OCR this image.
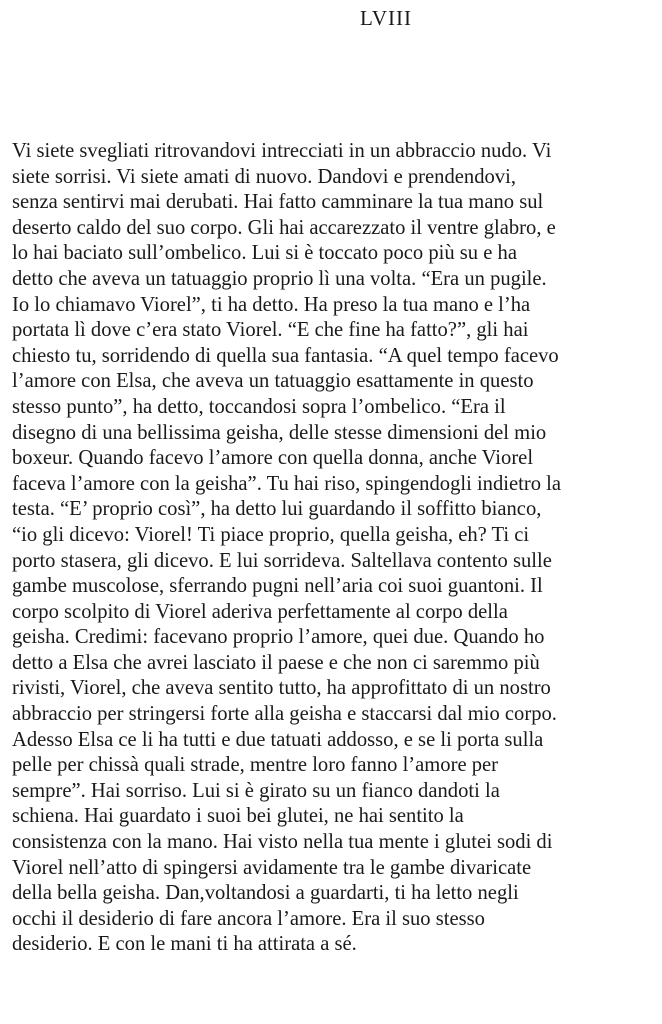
LVIII

Vi siete svegliati ritrovandovi intrecciati in un abbraccio nudo. Vi
siete sorrisi. Vi siete amati di nuovo. Dandovi e prendendovi,
senza sentirvi mai derubati. Hai fatto camminare la tua mano sul
deserto caldo del suo corpo. Gli hai accarezzato il ventre glabro, e
lo hai baciato sull’ombelico. Lui si è toccato poco più su e ha
detto che aveva un tatuaggio proprio lì una volta. “Era un pugile.
Io lo chiamavo Viorel”, ti ha detto. Ha preso la tua mano e l’ha
portata lì dove c’era stato Viorel. “E che fine ha fatto?”, gli hai
chiesto tu, sorridendo di quella sua fantasia. “A quel tempo facevo
l’amore con Elsa, che aveva un tatuaggio esattamente in questo
stesso punto”, ha detto, toccandosi sopra l’ombelico. “Era il
disegno di una bellissima geisha, delle stesse dimensioni del mio
boxeur. Quando facevo l’amore con quella donna, anche Viorel
faceva l’amore con la geisha”. Tu hai riso, spingendogli indietro la
testa. “E’ proprio così”, ha detto lui guardando il soffitto bianco,
“io gli dicevo: Viorel! Ti piace proprio, quella geisha, eh? Ti ci
porto stasera, gli dicevo. E lui sorrideva. Saltellava contento sulle
gambe muscolose, sferrando pugni nell’aria coi suoi guantoni. Il
corpo scolpito di Viorel aderiva perfettamente al corpo della
geisha. Credimi: facevano proprio l’amore, quei due. Quando ho
detto a Elsa che avrei lasciato il paese e che non ci saremmo più
rivisti, Viorel, che aveva sentito tutto, ha approfittato di un nostro
abbraccio per stringersi forte alla geisha e staccarsi dal mio corpo.
Adesso Elsa ce li ha tutti e due tatuati addosso, e se li porta sulla
pelle per chissà quali strade, mentre loro fanno l’amore per
sempre”. Hai sorriso. Lui si è girato su un fianco dandoti la
schiena. Hai guardato i suoi bei glutei, ne hai sentito la
consistenza con la mano. Hai visto nella tua mente i glutei sodi di
Viorel nell’atto di spingersi avidamente tra le gambe divaricate
della bella geisha. Dan,voltandosi a guardarti, ti ha letto negli
occhi il desiderio di fare ancora l’amore. Era il suo stesso
desiderio. E con le mani ti ha attirata a sé.
